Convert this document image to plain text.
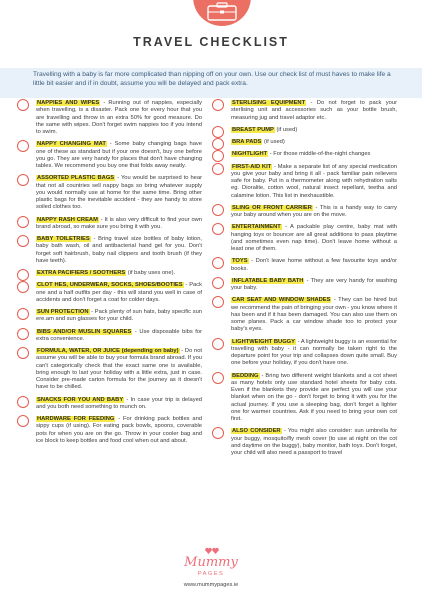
TRAVEL CHECKLIST
Travelling with a baby is far more complicated than nipping off on your own. Use our check list of must haves to make life a little bit easier and if in doubt, assume you will be delayed and pack extra.
NAPPIES AND WIPES - Running out of nappies, especially when travelling, is a disaster. Pack one for every hour that you are travelling and throw in an extra 50% for good measure. Do the same with wipes. Don't forget swim nappies too if you intend to swim.
NAPPY CHANGING MAT - Some baby changing bags have one of these as standard but if your one doesn't, buy one before you go. They are very handy for places that don't have changing tables. We recommend you buy one that folds away neatly.
ASSORTED PLASTIC BAGS - You would be surprised to hear that not all countries sell nappy bags so bring whatever supply you would normally use at home for the same time. Bring other plastic bags for the inevitable accident - they are handy to store soiled clothes too.
NAPPY RASH CREAM - It is also very difficult to find your own brand abroad, so make sure you bring it with you.
BABY TOILETRIES - Bring travel size bottles of baby lotion, baby bath wash, oil and antibacterial hand gel for you. Don't forget soft hairbrush, baby nail clippers and tooth brush (if they have teeth).
EXTRA PACIFIERS / SOOTHERS (if baby uses one).
CLOT HES, UNDERWEAR, SOCKS, SHOES/BOOTIES - Pack one and a half outfits per day - this will stand you well in case of accidents and don't forget a coat for colder days.
SUN PROTECTION - Pack plenty of sun hats, baby specific sun ere.am and sun glasses for your child.
BIBS AND/OR MUSLIN SQUARES - Use disposable bibs for extra convenience.
FORMULA, WATER, OR JUICE (depending on baby) - Do not assume you will be able to buy your formula brand abroad. If you can't categorically check that the exact same one is available, bring enough to last your holiday with a little extra, just in case. Consider pre-made carton formula for the journey as it doesn't have to be chilled.
SNACKS FOR YOU AND BABY - In case your trip is delayed and you both need something to munch on.
HARDWARE FOR FEEDING - For drinking pack bottles and sippy cups (if using). For eating pack bowls, spoons, coverable pots for when you are on the go. Throw in your cooler bag and ice block to keep bottles and food cool when out and about.
STERLISING EQUIPMENT - Do not forget to pack your sterlising unit and accessories such as your bottle brush, measuring jug and travel adaptor etc.
BREAST PUMP (if used)
BRA PADS (if used)
NIGHTLIGHT - For those middle-of-the-night changes
FIRST-AID KIT - Make a separate list of any special medication you give your baby and bring it all - pack familiar pain relievers safe for baby. Put in a thermometer along with rehydration salts eg. Dioralite, cotton wool, natural insect repellant, teetha and calamine lotion. This list in inexhaustible.
SLING OR FRONT CARRIER - This is a handy way to carry your baby around when you are on the move.
ENTERTAINMENT - A packable play centre, baby mat with hanging toys or bouncer are all great additions to pass playtime (and sometimes even nap time). Don't leave home without a least one of them.
TOYS - Don't leave home without a few favourite toys and/or books.
INFLATABLE BABY BATH - They are very handy for washing your baby.
CAR SEAT AND WINDOW SHADES - They can be hired but we recommend the pain of bringing your own - you know where it has been and if it has been damaged. You can also use them on some planes. Pack a car window shade too to protect your baby's eyes.
LIGHTWEIGHT BUGGY - A lightweight buggy is an essential for travelling with baby - it can normally be taken right to the departure point for your trip and collapses down quite small. Buy one before your holiday, if you don't have one.
BEDDING - Bring two different weight blankets and a cot sheet as many hotels only use standard hotel sheets for baby cots. Even if the blankets they provide are perfect you will use your blanket when on the go - don't forget to bring it with you for the actual journey. If you use a sleeping bag, don't forget a lighter one for warmer countries. Ask if you need to bring your own cot first.
ALSO CONSIDER - You might also consider: sun umbrella for your buggy, mosquito/fly mesh cover (to use at night on the cot and daytime on the buggy), baby monitor, bath toys. Don't forget, your child will also need a passport to travel
Mummy
PAGES
www.mummypages.ie
